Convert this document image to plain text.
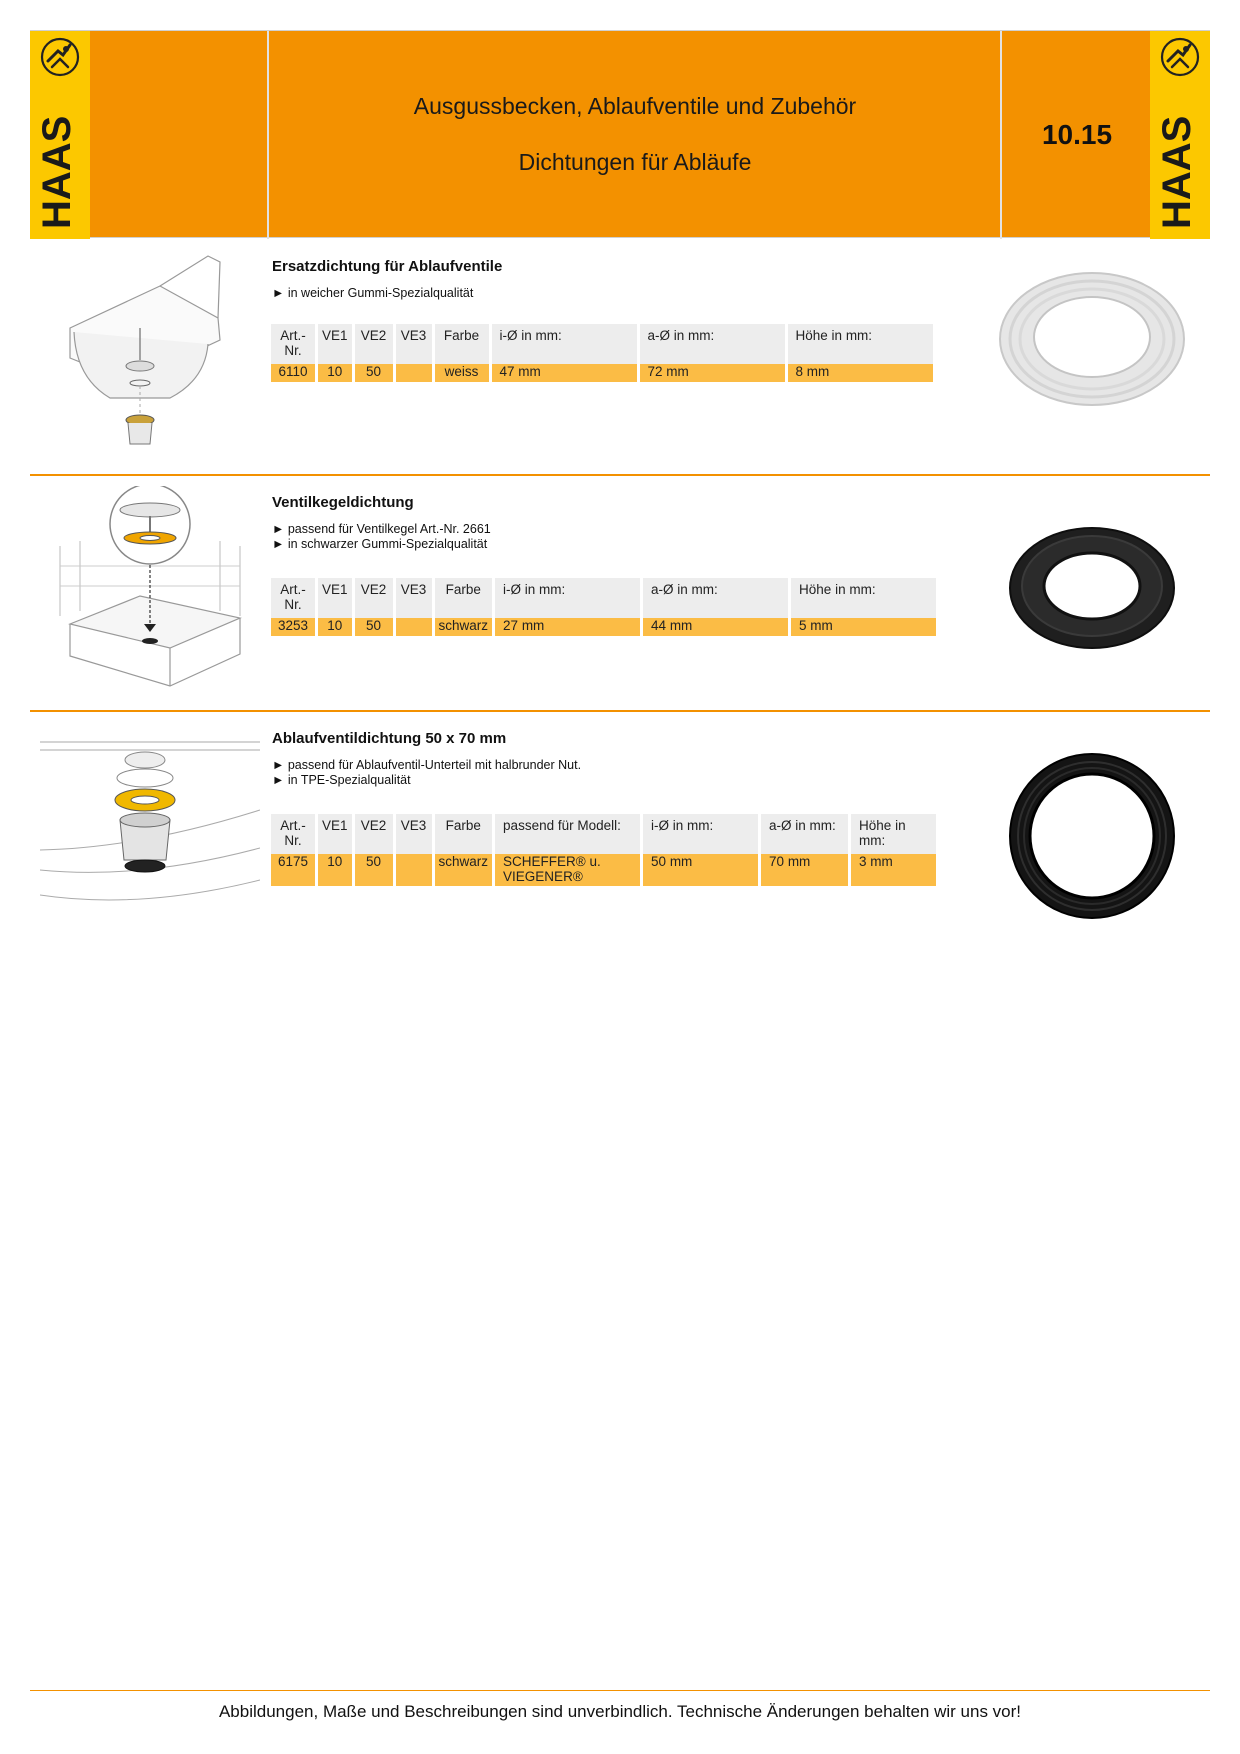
HAAS
Ausgussbecken, Ablaufventile und Zubehör
Dichtungen für Abläufe
10.15	HAAS
Ersatzdichtung für Ablaufventile
► in weicher Gummi-Spezialqualität
Art.-Nr.	VE1	VE2	VE3	Farbe	i-Ø in mm:	a-Ø in mm:	Höhe in mm:
6110	10	50		weiss	47 mm	72 mm	8 mm
Ventilkegeldichtung
► passend für Ventilkegel Art.-Nr. 2661
► in schwarzer Gummi-Spezialqualität
Art.-Nr.	VE1	VE2	VE3	Farbe	i-Ø in mm:	a-Ø in mm:	Höhe in mm:
3253	10	50		schwarz	27 mm	44 mm	5 mm
Ablaufventildichtung 50 x 70 mm
► passend für Ablaufventil-Unterteil mit halbrunder Nut.
► in TPE-Spezialqualität
Art.-Nr.	VE1	VE2	VE3	Farbe	passend für Modell:	i-Ø in mm:	a-Ø in mm:	Höhe in mm:
6175	10	50		schwarz	SCHEFFER® u. VIEGENER®	50 mm	70 mm	3 mm
Abbildungen, Maße und Beschreibungen sind unverbindlich. Technische Änderungen behalten wir uns vor!
